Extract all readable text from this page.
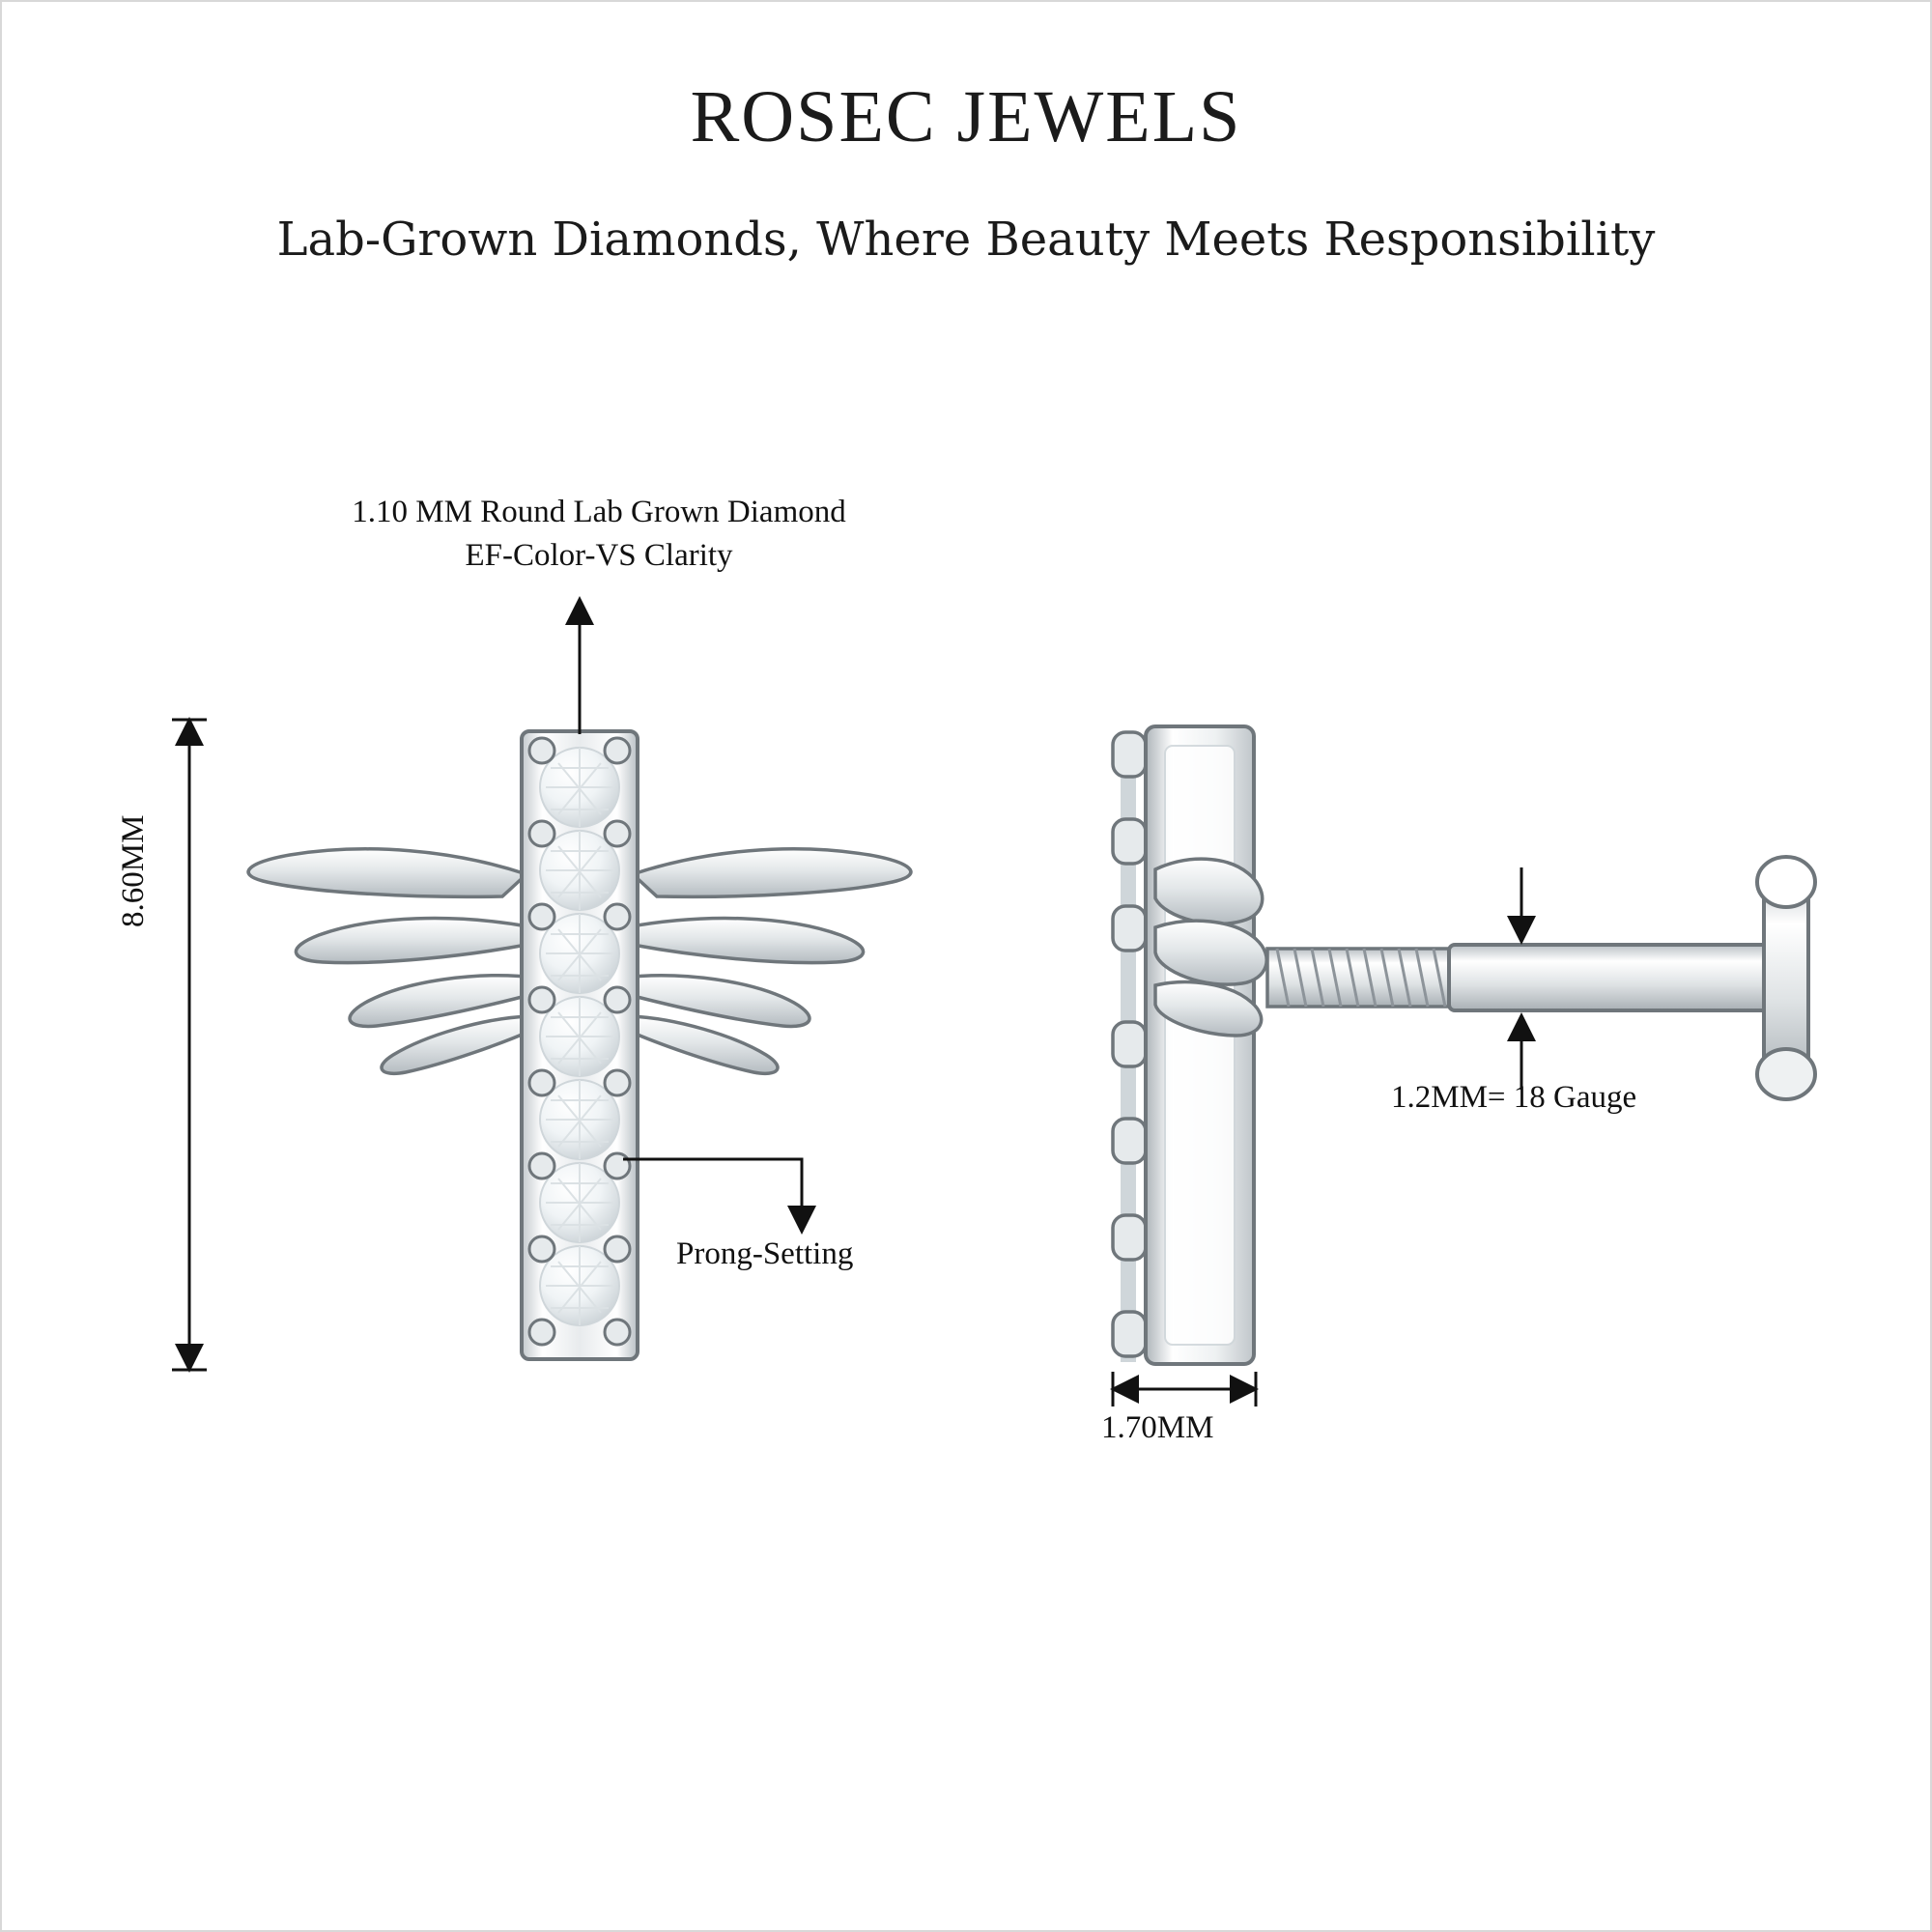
ROSEC JEWELS
Lab-Grown Diamonds, Where Beauty Meets Responsibility
1.10 MM Round Lab Grown Diamond
EF-Color-VS Clarity
Prong-Setting
1.2MM= 18 Gauge
1.70MM
8.60MM
